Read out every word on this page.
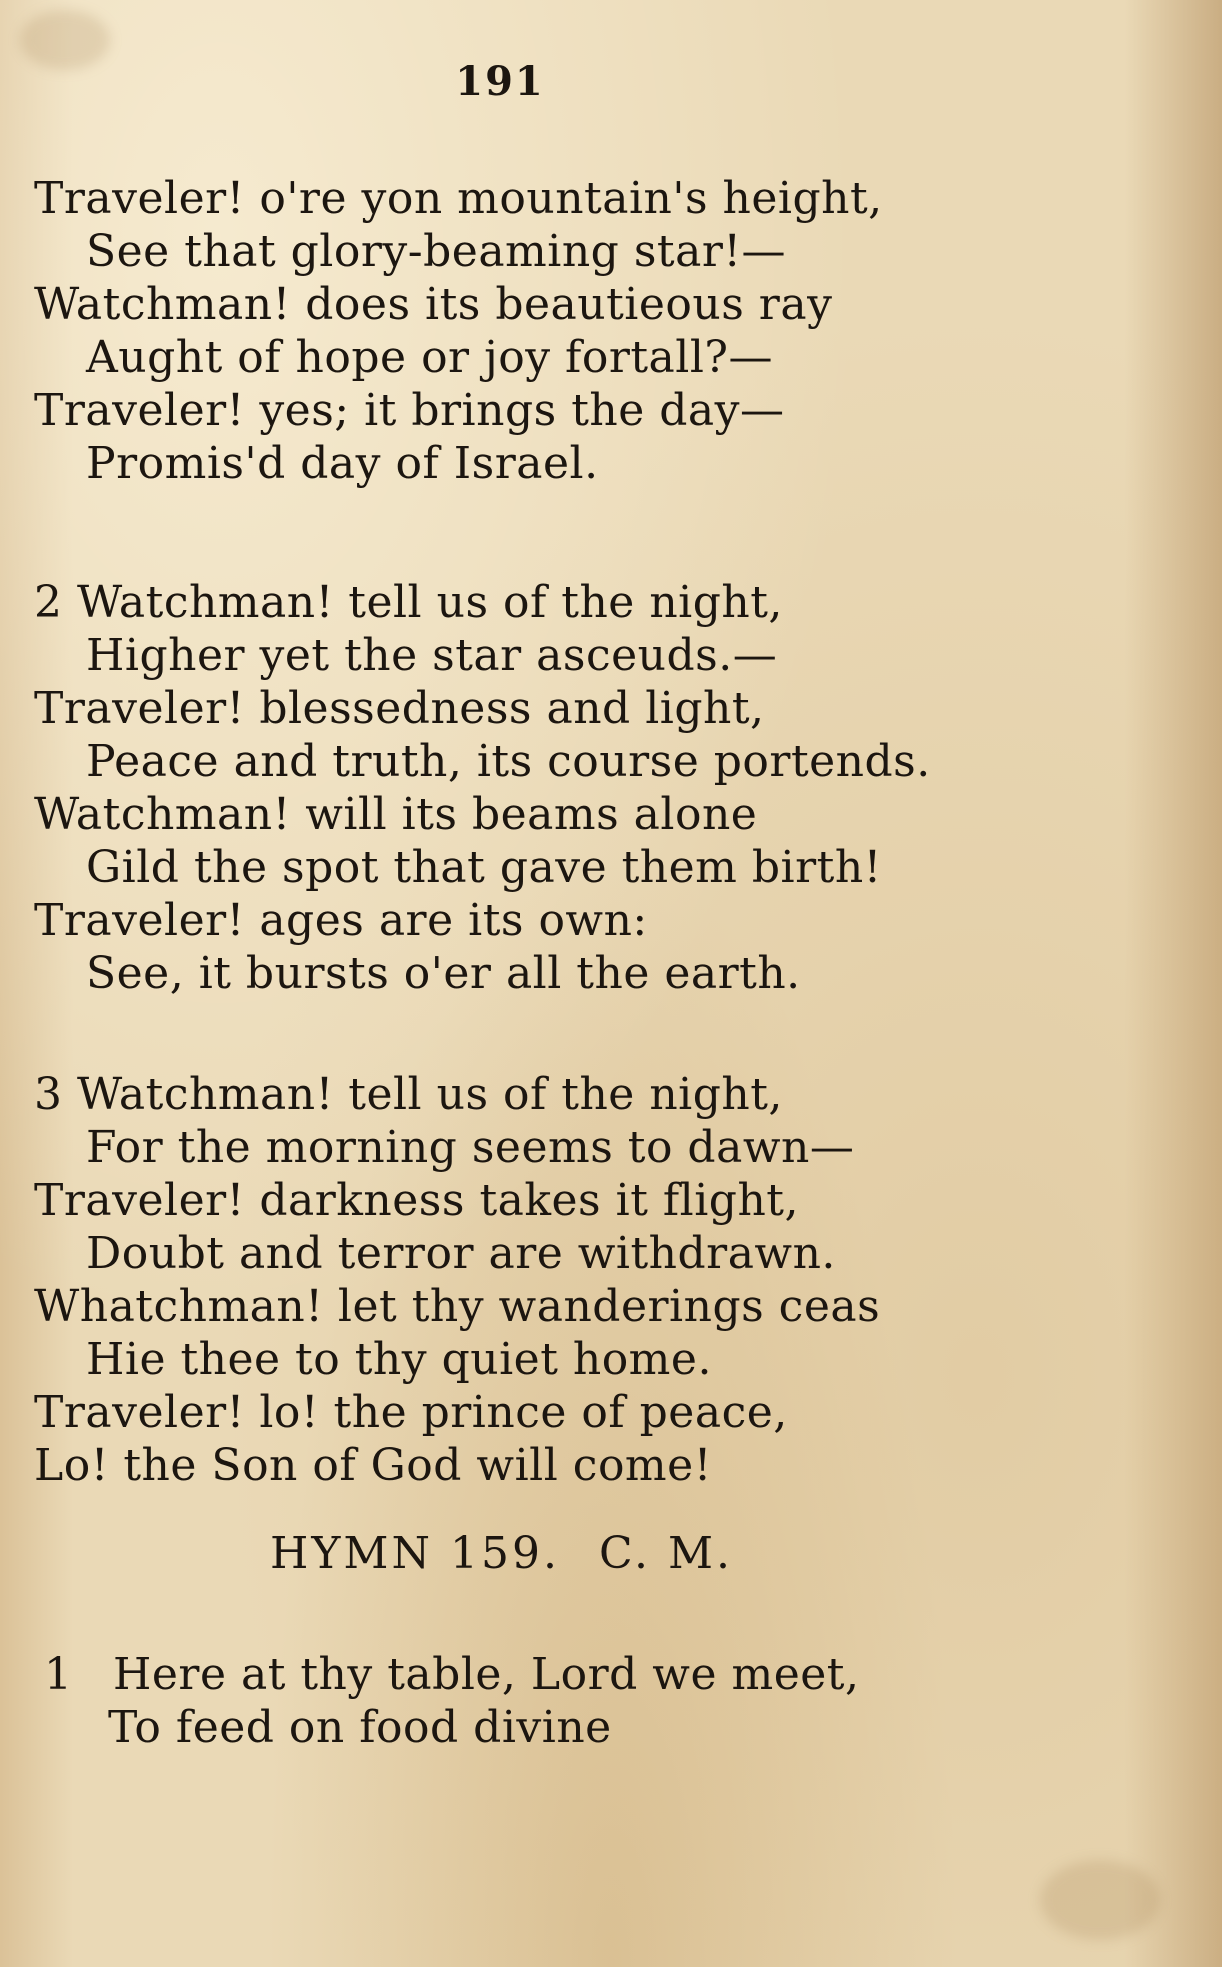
191
Traveler! o're yon mountain's height,
See that glory-beaming star!—
Watchman! does its beautieous ray
Aught of hope or joy fortall?—
Traveler! yes; it brings the day—
Promis'd day of Israel.
2 Watchman! tell us of the night,
Higher yet the star asceuds.—
Traveler! blessedness and light,
Peace and truth, its course portends.
Watchman! will its beams alone
Gild the spot that gave them birth!
Traveler! ages are its own:
See, it bursts o'er all the earth.
3 Watchman! tell us of the night,
For the morning seems to dawn—
Traveler! darkness takes it flight,
Doubt and terror are withdrawn.
Whatchman! let thy wanderings ceas
Hie thee to thy quiet home.
Traveler! lo! the prince of peace,
Lo! the Son of God will come!
HYMN 159. C. M.
1 Here at thy table, Lord we meet,
To feed on food divine
